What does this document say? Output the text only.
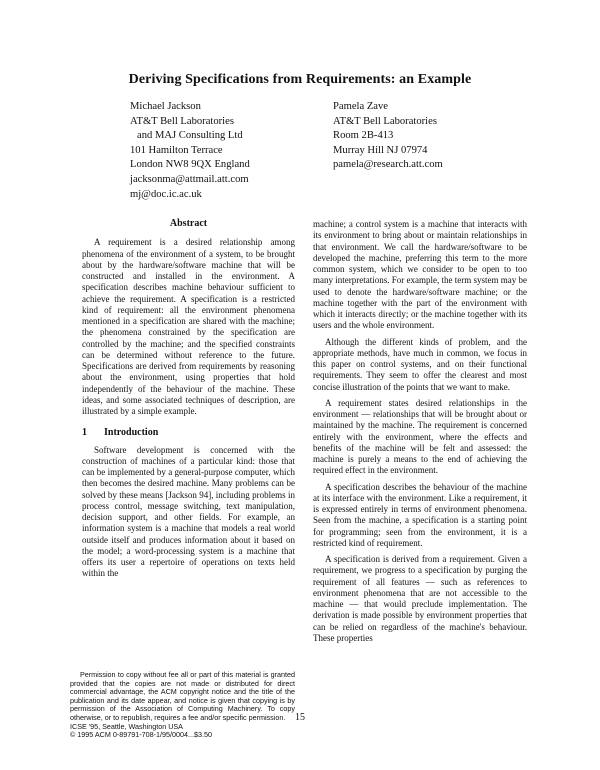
Deriving Specifications from Requirements: an Example
Michael Jackson
AT&T Bell Laboratories
and MAJ Consulting Ltd
101 Hamilton Terrace
London NW8 9QX England
jacksonma@attmail.att.com
mj@doc.ic.ac.uk
Pamela Zave
AT&T Bell Laboratories
Room 2B-413
Murray Hill NJ 07974
pamela@research.att.com
Abstract

A requirement is a desired relationship among phenomena of the environment of a system, to be brought about by the hardware/software machine that will be constructed and installed in the environment. A specification describes machine behaviour sufficient to achieve the requirement. A specification is a restricted kind of requirement: all the environment phenomena mentioned in a specification are shared with the machine; the phenomena constrained by the specification are controlled by the machine; and the specified constraints can be determined without reference to the future. Specifications are derived from requirements by reasoning about the environment, using properties that hold independently of the behaviour of the machine. These ideas, and some associated techniques of description, are illustrated by a simple example.

1 Introduction

Software development is concerned with the construction of machines of a particular kind: those that can be implemented by a general-purpose computer, which then becomes the desired machine. Many problems can be solved by these means [Jackson 94], including problems in process control, message switching, text manipulation, decision support, and other fields. For example, an information system is a machine that models a real world outside itself and produces information about it based on the model; a word-processing system is a machine that offers its user a repertoire of operations on texts held within the

machine; a control system is a machine that interacts with its environment to bring about or maintain relationships in that environment. We call the hardware/software to be developed the machine, preferring this term to the more common system, which we consider to be open to too many interpretations. For example, the term system may be used to denote the hardware/software machine; or the machine together with the part of the environment with which it interacts directly; or the machine together with its users and the whole environment.

Although the different kinds of problem, and the appropriate methods, have much in common, we focus in this paper on control systems, and on their functional requirements. They seem to offer the clearest and most concise illustration of the points that we want to make.

A requirement states desired relationships in the environment — relationships that will be brought about or maintained by the machine. The requirement is concerned entirely with the environment, where the effects and benefits of the machine will be felt and assessed: the machine is purely a means to the end of achieving the required effect in the environment.

A specification describes the behaviour of the machine at its interface with the environment. Like a requirement, it is expressed entirely in terms of environment phenomena. Seen from the machine, a specification is a starting point for programming; seen from the environment, it is a restricted kind of requirement.

A specification is derived from a requirement. Given a requirement, we progress to a specification by purging the requirement of all features — such as references to environment phenomena that are not accessible to the machine — that would preclude implementation. The derivation is made possible by environment properties that can be relied on regardless of the machine's behaviour. These properties

Permission to copy without fee all or part of this material is granted provided that the copies are not made or distributed for direct commercial advantage, the ACM copyright notice and the title of the publication and its date appear, and notice is given that copying is by permission of the Association of Computing Machinery. To copy otherwise, or to republish, requires a fee and/or specific permission.

ICSE '95, Seattle, Washington USA
© 1995 ACM 0-89791-708-1/95/0004...$3.50
15
